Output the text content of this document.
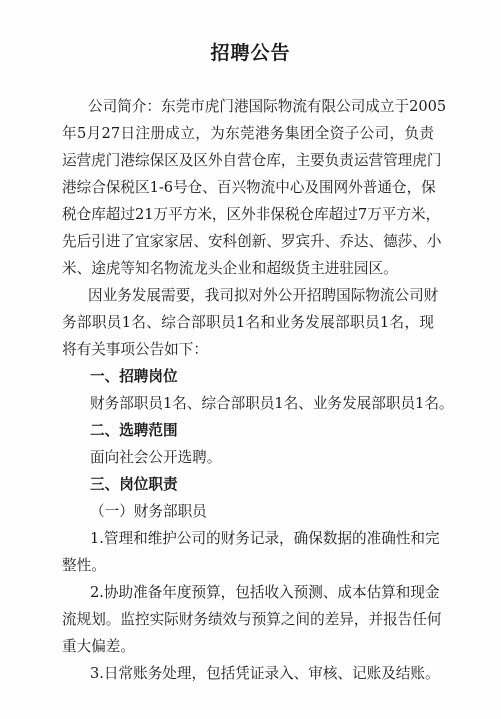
招聘公告

公司简介：东莞市虎门港国际物流有限公司成立于2005

年5月27日注册成立，为东莞港务集团全资子公司，负责

运营虎门港综保区及区外自营仓库，主要负责运营管理虎门

港综合保税区1-6号仓、百兴物流中心及围网外普通仓，保

税仓库超过21万平方米，区外非保税仓库超过7万平方米，

先后引进了宜家家居、安科创新、罗宾升、乔达、德莎、小

米、途虎等知名物流龙头企业和超级货主进驻园区。

因业务发展需要，我司拟对外公开招聘国际物流公司财

务部职员1名、综合部职员1名和业务发展部职员1名，现

将有关事项公告如下：

一、招聘岗位

财务部职员1名、综合部职员1名、业务发展部职员1名。

二、选聘范围

面向社会公开选聘。

三、岗位职责

（一）财务部职员

1.管理和维护公司的财务记录，确保数据的准确性和完

整性。

2.协助准备年度预算，包括收入预测、成本估算和现金

流规划。监控实际财务绩效与预算之间的差异，并报告任何

重大偏差。

3.日常账务处理，包括凭证录入、审核、记账及结账。
